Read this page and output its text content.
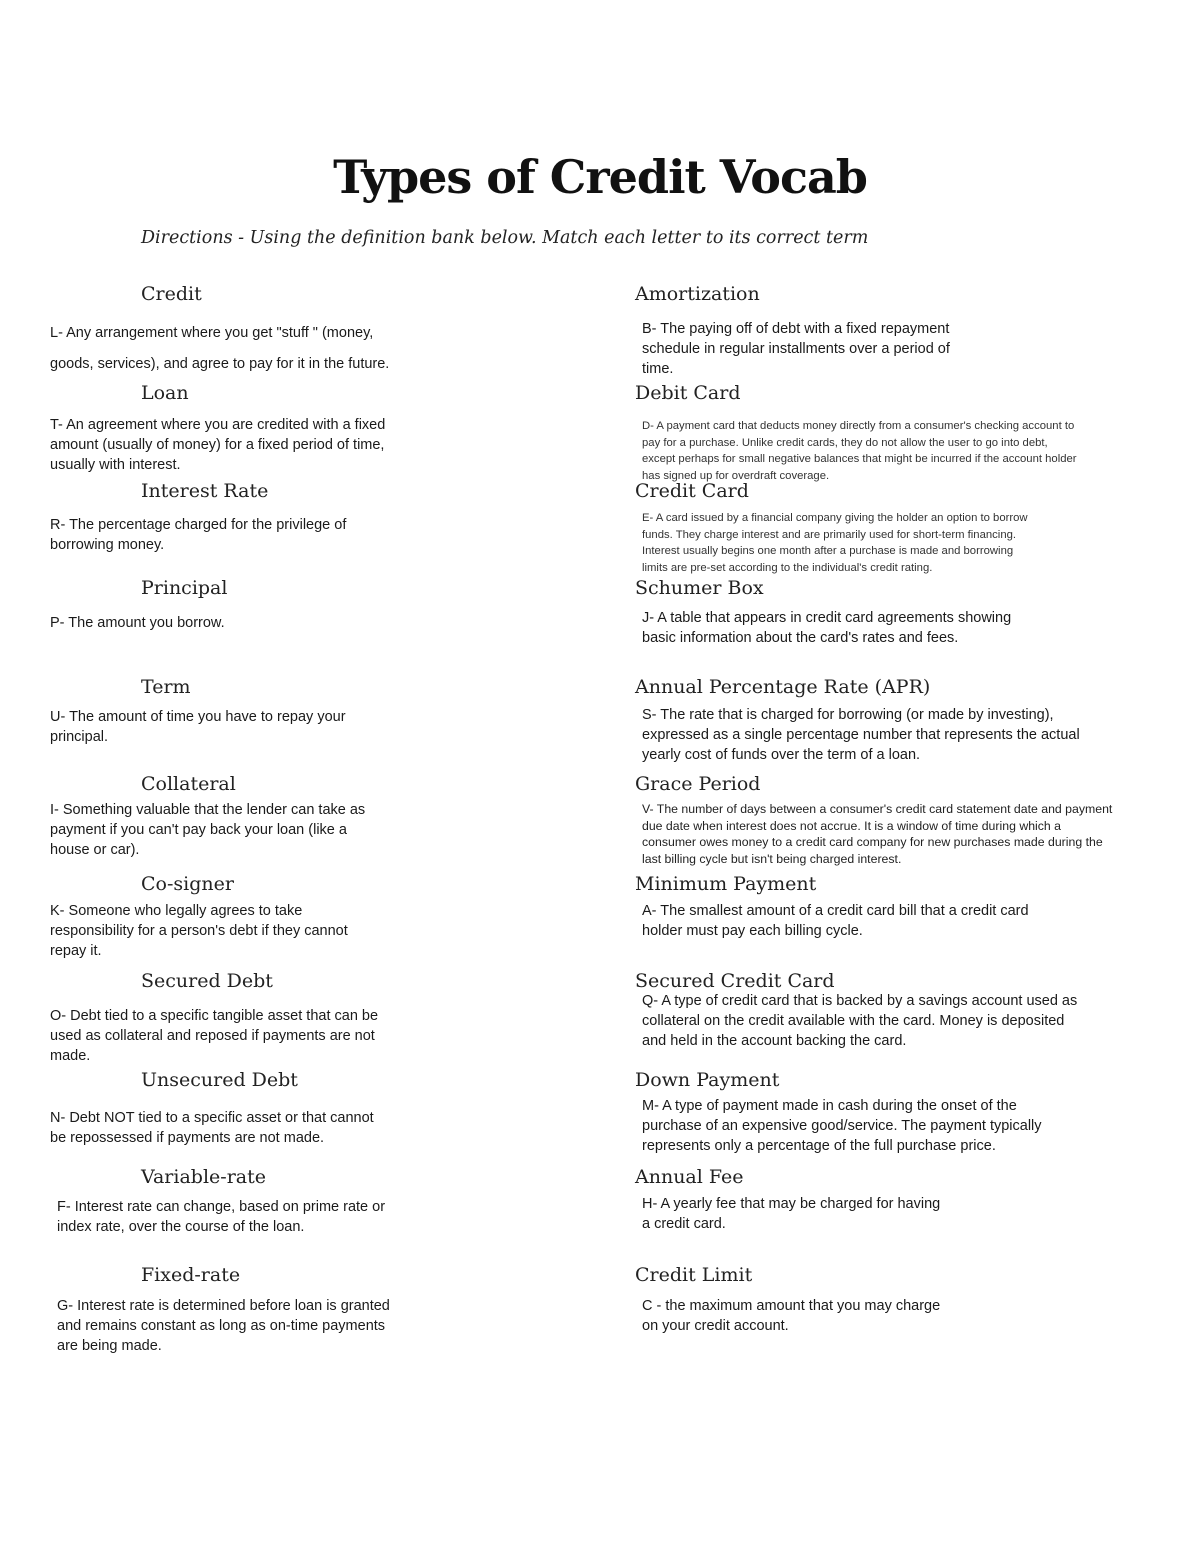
Types of Credit Vocab
Directions - Using the definition bank below. Match each letter to its correct term
Credit
L- Any arrangement where you get "stuff " (money,
goods, services), and agree to pay for it in the future.
Loan
T- An agreement where you are credited with a fixed
amount (usually of money) for a fixed period of time,
usually with interest.
Interest Rate
R- The percentage charged for the privilege of
borrowing money.
Principal
P- The amount you borrow.
Term
U- The amount of time you have to repay your
principal.
Collateral
I- Something valuable that the lender can take as
payment if you can't pay back your loan (like a
house or car).
Co-signer
K- Someone who legally agrees to take
responsibility for a person's debt if they cannot
repay it.
Secured Debt
O- Debt tied to a specific tangible asset that can be
used as collateral and reposed if payments are not
made.
Unsecured Debt
N- Debt NOT tied to a specific asset or that cannot
be repossessed if payments are not made.
Variable-rate
F- Interest rate can change, based on prime rate or
index rate, over the course of the loan.
Fixed-rate
G- Interest rate is determined before loan is granted
and remains constant as long as on-time payments
are being made.
Amortization
B- The paying off of debt with a fixed repayment
schedule in regular installments over a period of
time.
Debit Card
D- A payment card that deducts money directly from a consumer's checking account to
pay for a purchase. Unlike credit cards, they do not allow the user to go into debt,
except perhaps for small negative balances that might be incurred if the account holder
has signed up for overdraft coverage.
Credit Card
E- A card issued by a financial company giving the holder an option to borrow
funds. They charge interest and are primarily used for short-term financing.
Interest usually begins one month after a purchase is made and borrowing
limits are pre-set according to the individual's credit rating.
Schumer Box
J- A table that appears in credit card agreements showing
basic information about the card's rates and fees.
Annual Percentage Rate (APR)
S- The rate that is charged for borrowing (or made by investing),
expressed as a single percentage number that represents the actual
yearly cost of funds over the term of a loan.
Grace Period
V- The number of days between a consumer's credit card statement date and payment
due date when interest does not accrue. It is a window of time during which a
consumer owes money to a credit card company for new purchases made during the
last billing cycle but isn't being charged interest.
Minimum Payment
A- The smallest amount of a credit card bill that a credit card
holder must pay each billing cycle.
Secured Credit Card
Q- A type of credit card that is backed by a savings account used as
collateral on the credit available with the card. Money is deposited
and held in the account backing the card.
Down Payment
M- A type of payment made in cash during the onset of the
purchase of an expensive good/service. The payment typically
represents only a percentage of the full purchase price.
Annual Fee
H- A yearly fee that may be charged for having
a credit card.
Credit Limit
C - the maximum amount that you may charge
on your credit account.
